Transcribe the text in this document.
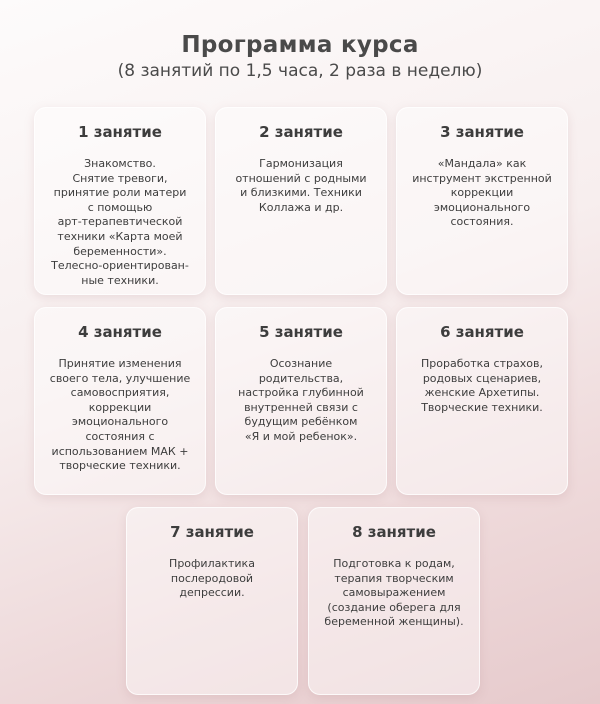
Программа курса
(8 занятий по 1,5 часа, 2 раза в неделю)
1 занятие
Знакомство.
Снятие тревоги,
принятие роли матери
с помощью
арт-терапевтической
техники «Карта моей
беременности».
Телесно-ориентирован-
ные техники.
2 занятие
Гармонизация
отношений с родными
и близкими. Техники
Коллажа и др.
3 занятие
«Мандала» как
инструмент экстренной
коррекции
эмоционального
состояния.
4 занятие
Принятие изменения
своего тела, улучшение
самовосприятия,
коррекции
эмоционального
состояния с
использованием МАК +
творческие техники.
5 занятие
Осознание
родительства,
настройка глубинной
внутренней связи с
будущим ребёнком
«Я и мой ребенок».
6 занятие
Проработка страхов,
родовых сценариев,
женские Архетипы.
Творческие техники.
7 занятие
Профилактика
послеродовой
депрессии.
8 занятие
Подготовка к родам,
терапия творческим
самовыражением
(создание оберега для
беременной женщины).
